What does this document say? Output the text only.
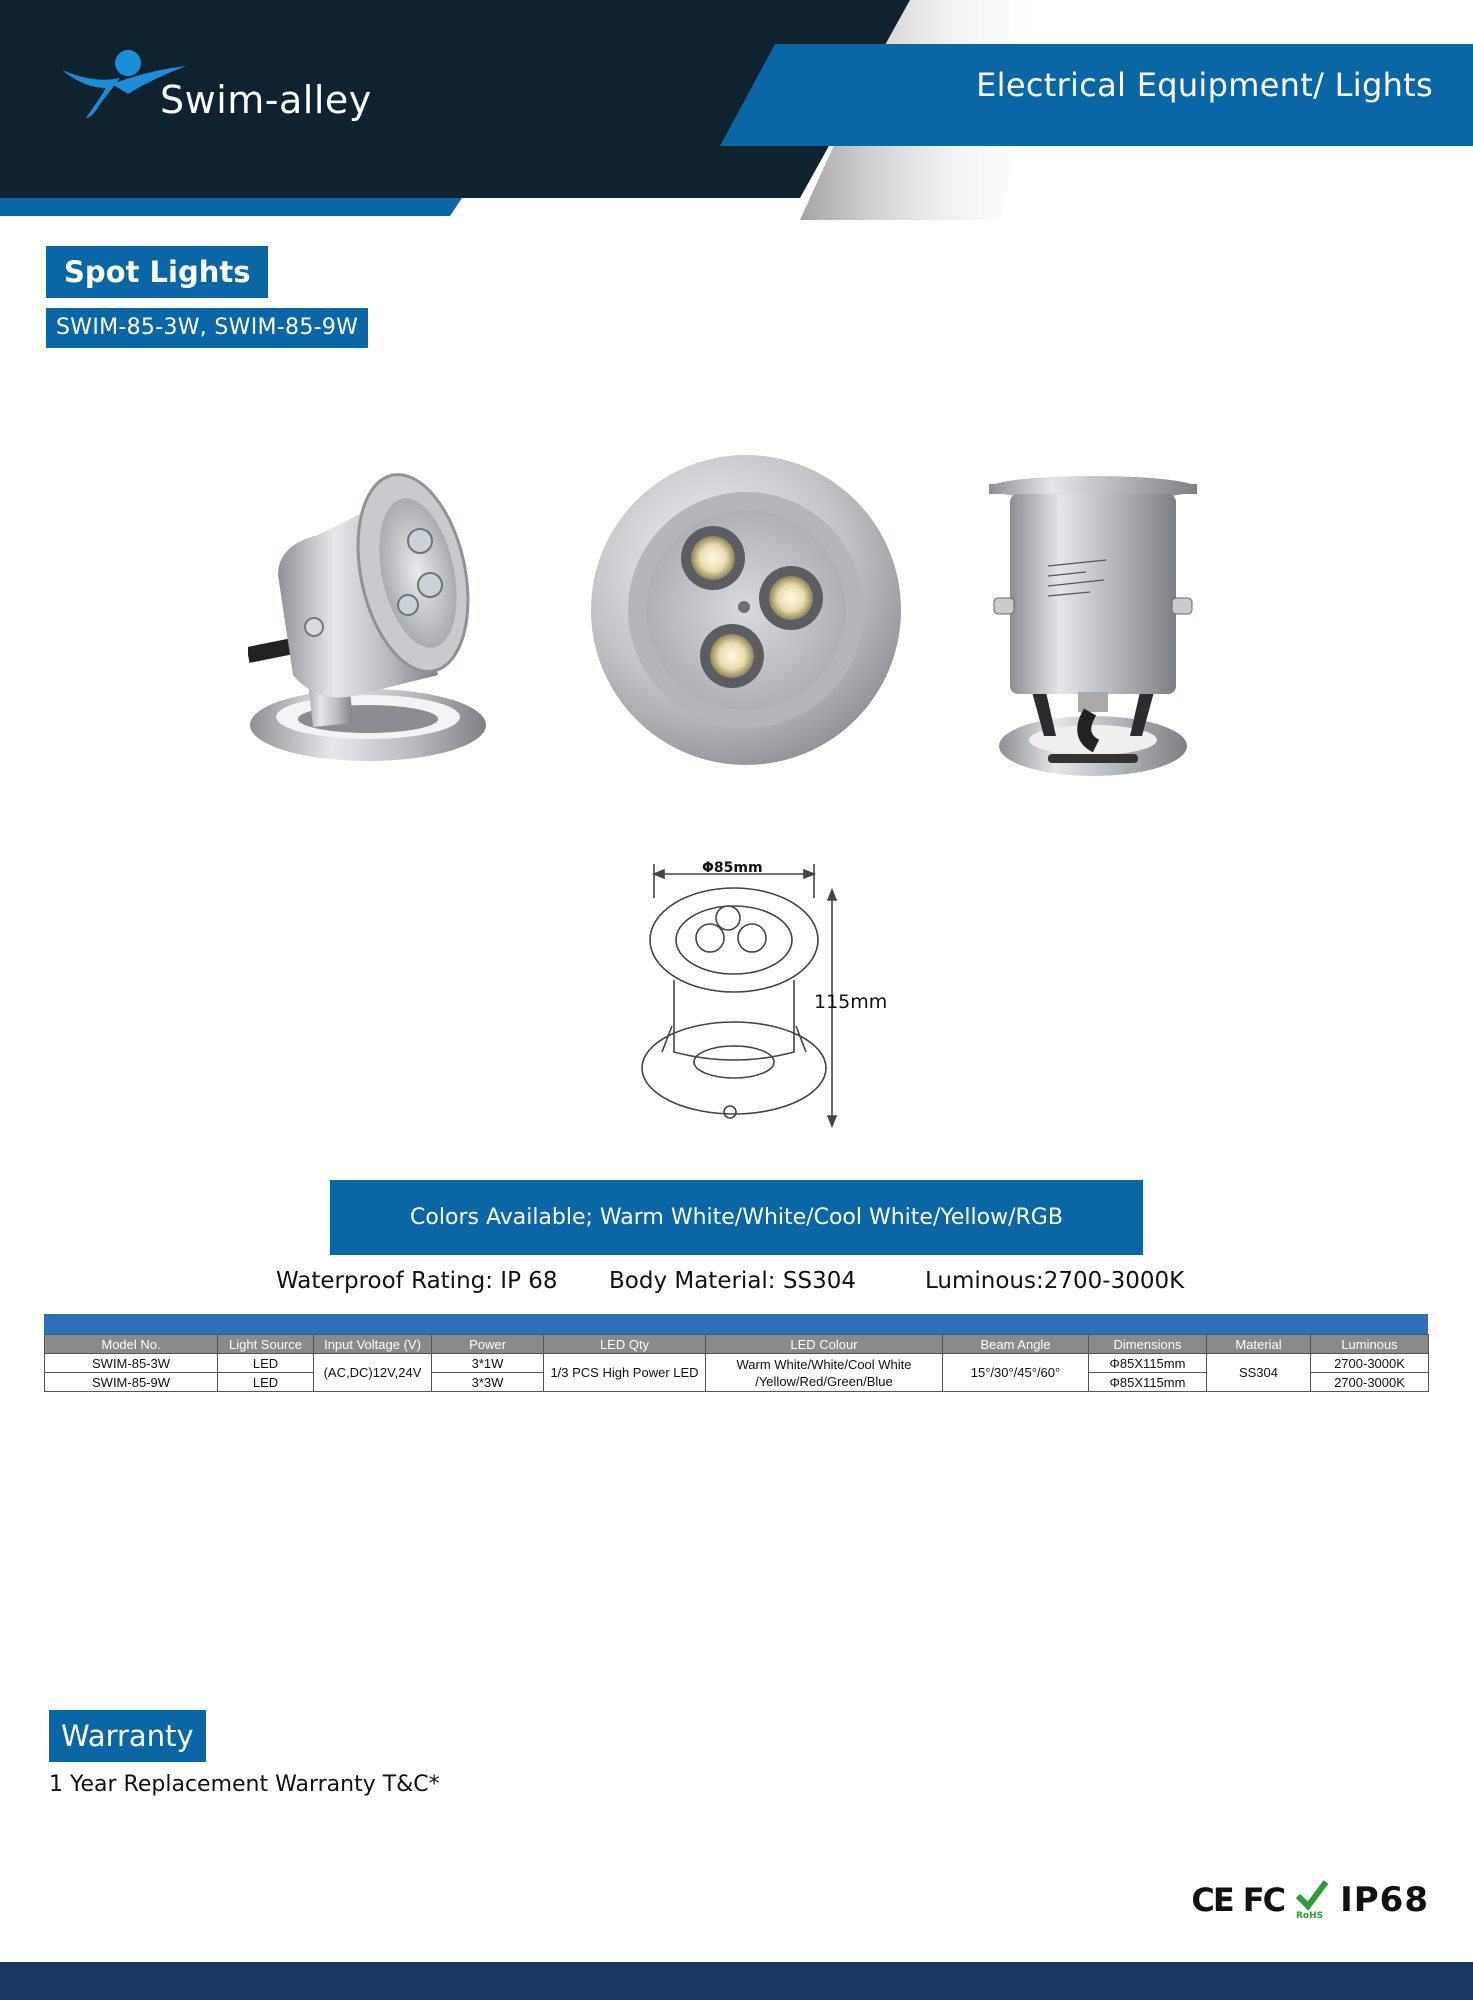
Swim-alley	Electrical Equipment/ Lights
Spot Lights
SWIM-85-3W, SWIM-85-9W
Φ85mm
115mm
Colors Available; Warm White/White/Cool White/Yellow/RGB
Waterproof Rating: IP 68 Body Material: SS304	Luminous:2700-3000K
Model No.	Light Source	Input Voltage (V)	Power	LED Qty	LED Colour	Beam Angle	Dimensions	Material	Luminous
SWIM-85-3W	LED	(AC,DC)12V,24V	3*1W	1/3 PCS High Power LED	Warm White/White/Cool White
/Yellow/Red/Green/Blue	15°/30°/45°/60°	Φ85X115mm	SS304	2700-3000K
SWIM-85-9W	LED		3*3W				Φ85X115mm		2700-3000K
Warranty
1 Year Replacement Warranty T&C*
CE FC RoHS IP68
